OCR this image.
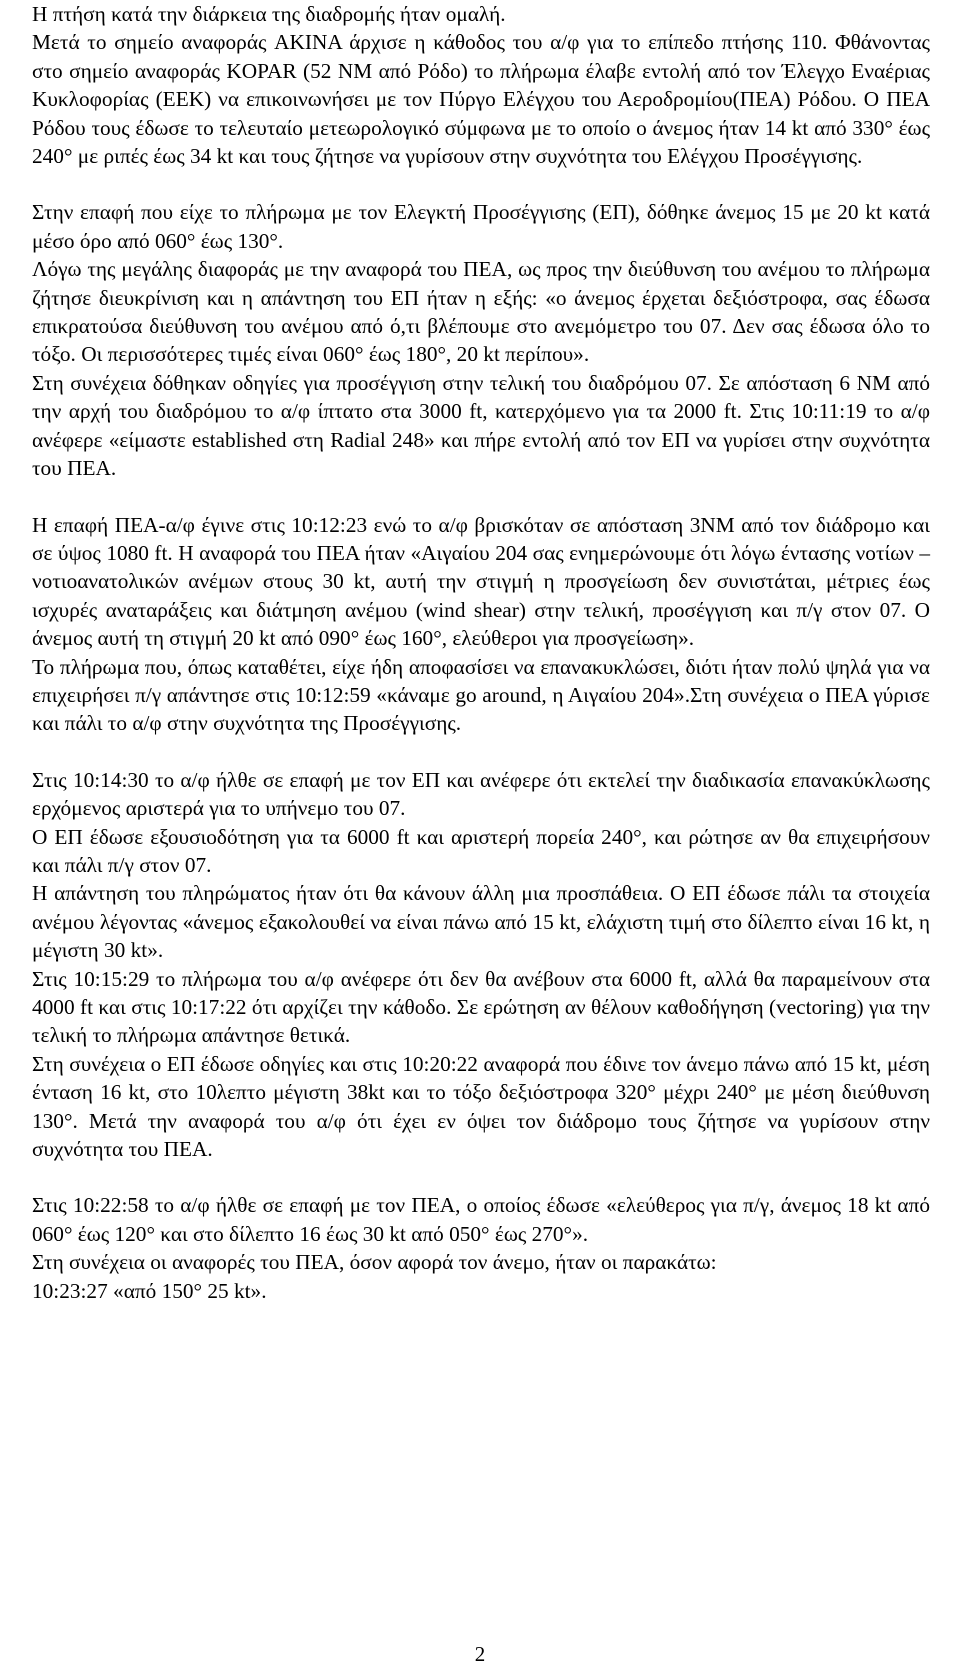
Η πτήση κατά την διάρκεια της διαδρομής ήταν ομαλή.

Μετά το σημείο αναφοράς AKINA άρχισε η κάθοδος του α/φ για το επίπεδο πτήσης 110. Φθάνοντας στο σημείο αναφοράς KOPAR (52 NM από Ρόδο) το πλήρωμα έλαβε εντολή από τον Έλεγχο Εναέριας Κυκλοφορίας (ΕΕΚ) να επικοινωνήσει με τον Πύργο Ελέγχου του Αεροδρομίου(ΠΕΑ) Ρόδου. Ο ΠΕΑ Ρόδου τους έδωσε το τελευταίο μετεωρολογικό σύμφωνα με το οποίο ο άνεμος ήταν 14 kt από 330° έως 240° με ριπές έως 34 kt και τους ζήτησε να γυρίσουν στην συχνότητα του Ελέγχου Προσέγγισης.

Στην επαφή που είχε το πλήρωμα με τον Ελεγκτή Προσέγγισης (ΕΠ), δόθηκε άνεμος 15 με 20 kt κατά μέσο όρο από 060° έως 130°.

Λόγω της μεγάλης διαφοράς με την αναφορά του ΠΕΑ, ως προς την διεύθυνση του ανέμου το πλήρωμα ζήτησε διευκρίνιση και η απάντηση του ΕΠ ήταν η εξής: «ο άνεμος έρχεται δεξιόστροφα, σας έδωσα επικρατούσα διεύθυνση του ανέμου από ό,τι βλέπουμε στο ανεμόμετρο του 07. Δεν σας έδωσα όλο το τόξο. Οι περισσότερες τιμές είναι 060° έως 180°, 20 kt περίπου».

Στη συνέχεια δόθηκαν οδηγίες για προσέγγιση στην τελική του διαδρόμου 07. Σε απόσταση 6 NM από την αρχή του διαδρόμου το α/φ ίπτατο στα 3000 ft, κατερχόμενο για τα 2000 ft. Στις 10:11:19 το α/φ ανέφερε «είμαστε established στη Radial 248» και πήρε εντολή από τον ΕΠ να γυρίσει στην συχνότητα του ΠΕΑ.

Η επαφή ΠΕΑ-α/φ έγινε στις 10:12:23 ενώ το α/φ βρισκόταν σε απόσταση 3NM από τον διάδρομο και σε ύψος 1080 ft. Η αναφορά του ΠΕΑ ήταν «Αιγαίου 204 σας ενημερώνουμε ότι λόγω έντασης νοτίων – νοτιοανατολικών ανέμων στους 30 kt, αυτή την στιγμή η προσγείωση δεν συνιστάται, μέτριες έως ισχυρές αναταράξεις και διάτμηση ανέμου (wind shear) στην τελική, προσέγγιση και π/γ στον 07. Ο άνεμος αυτή τη στιγμή 20 kt από 090° έως 160°, ελεύθεροι για προσγείωση».

Το πλήρωμα που, όπως καταθέτει, είχε ήδη αποφασίσει να επανακυκλώσει, διότι ήταν πολύ ψηλά για να επιχειρήσει π/γ απάντησε στις 10:12:59 «κάναμε go around, η Αιγαίου 204».Στη συνέχεια ο ΠΕΑ γύρισε και πάλι το α/φ στην συχνότητα της Προσέγγισης.

Στις 10:14:30 το α/φ ήλθε σε επαφή με τον ΕΠ και ανέφερε ότι εκτελεί την διαδικασία επανακύκλωσης ερχόμενος αριστερά για το υπήνεμο του 07.

Ο ΕΠ έδωσε εξουσιοδότηση για τα 6000 ft και αριστερή πορεία 240°, και ρώτησε αν θα επιχειρήσουν και πάλι π/γ στον 07.

Η απάντηση του πληρώματος ήταν ότι θα κάνουν άλλη μια προσπάθεια. Ο ΕΠ έδωσε πάλι τα στοιχεία ανέμου λέγοντας «άνεμος εξακολουθεί να είναι πάνω από 15 kt, ελάχιστη τιμή στο δίλεπτο είναι 16 kt, η μέγιστη 30 kt».

Στις 10:15:29 το πλήρωμα του α/φ ανέφερε ότι δεν θα ανέβουν στα 6000 ft, αλλά θα παραμείνουν στα 4000 ft και στις 10:17:22 ότι αρχίζει την κάθοδο. Σε ερώτηση αν θέλουν καθοδήγηση (vectoring) για την τελική το πλήρωμα απάντησε θετικά.

Στη συνέχεια ο ΕΠ έδωσε οδηγίες και στις 10:20:22 αναφορά που έδινε τον άνεμο πάνω από 15 kt, μέση ένταση 16 kt, στο 10λεπτο μέγιστη 38kt και το τόξο δεξιόστροφα 320° μέχρι 240° με μέση διεύθυνση 130°. Μετά την αναφορά του α/φ ότι έχει εν όψει τον διάδρομο τους ζήτησε να γυρίσουν στην συχνότητα του ΠΕΑ.

Στις 10:22:58 το α/φ ήλθε σε επαφή με τον ΠΕΑ, ο οποίος έδωσε «ελεύθερος για π/γ, άνεμος 18 kt από 060° έως 120° και στο δίλεπτο 16 έως 30 kt από 050° έως 270°».

Στη συνέχεια οι αναφορές του ΠΕΑ, όσον αφορά τον άνεμο, ήταν οι παρακάτω:

10:23:27 «από 150° 25 kt».

2
